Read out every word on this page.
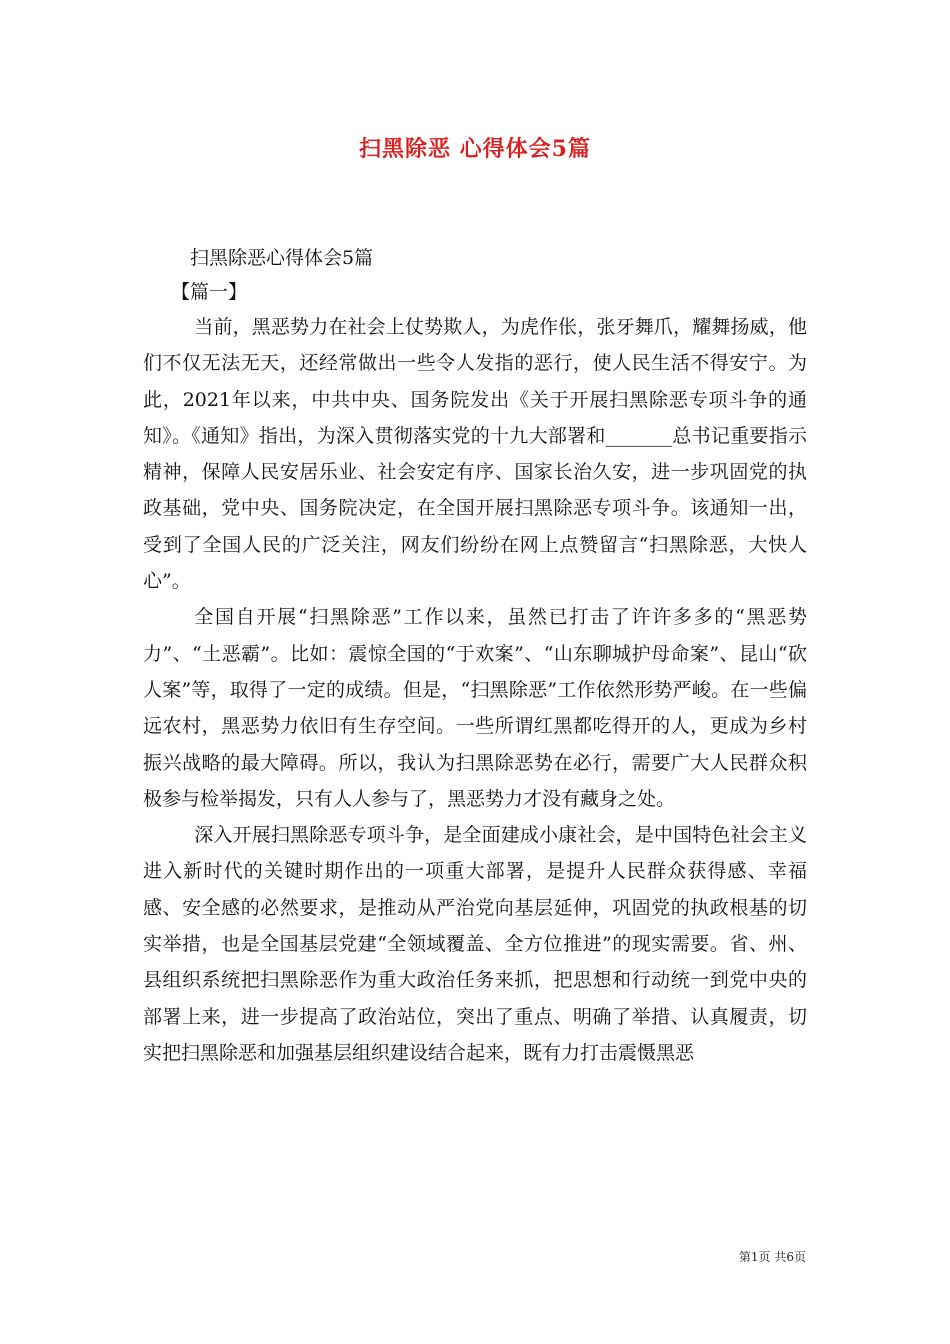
扫黑除恶 心得体会5篇

扫黑除恶心得体会5篇

【篇一】

当前，黑恶势力在社会上仗势欺人，为虎作伥，张牙舞爪，耀舞扬威，他们不仅无法无天，还经常做出一些令人发指的恶行，使人民生活不得安宁。为此，2021年以来，中共中央、国务院发出《关于开展扫黑除恶专项斗争的通知》。《通知》指出，为深入贯彻落实党的十九大部署和_______总书记重要指示精神，保障人民安居乐业、社会安定有序、国家长治久安，进一步巩固党的执政基础，党中央、国务院决定，在全国开展扫黑除恶专项斗争。该通知一出，受到了全国人民的广泛关注，网友们纷纷在网上点赞留言“扫黑除恶，大快人心”。

全国自开展“扫黑除恶”工作以来，虽然已打击了许许多多的“黑恶势力”、“土恶霸”。比如：震惊全国的“于欢案”、“山东聊城护母命案”、昆山“砍人案”等，取得了一定的成绩。但是，“扫黑除恶”工作依然形势严峻。在一些偏远农村，黑恶势力依旧有生存空间。一些所谓红黑都吃得开的人，更成为乡村振兴战略的最大障碍。所以，我认为扫黑除恶势在必行，需要广大人民群众积极参与检举揭发，只有人人参与了，黑恶势力才没有藏身之处。

深入开展扫黑除恶专项斗争，是全面建成小康社会，是中国特色社会主义进入新时代的关键时期作出的一项重大部署，是提升人民群众获得感、幸福感、安全感的必然要求，是推动从严治党向基层延伸，巩固党的执政根基的切实举措，也是全国基层党建“全领域覆盖、全方位推进”的现实需要。省、州、县组织系统把扫黑除恶作为重大政治任务来抓，把思想和行动统一到党中央的部署上来，进一步提高了政治站位，突出了重点、明确了举措、认真履责，切实把扫黑除恶和加强基层组织建设结合起来，既有力打击震慑黑恶

第1页 共6页
